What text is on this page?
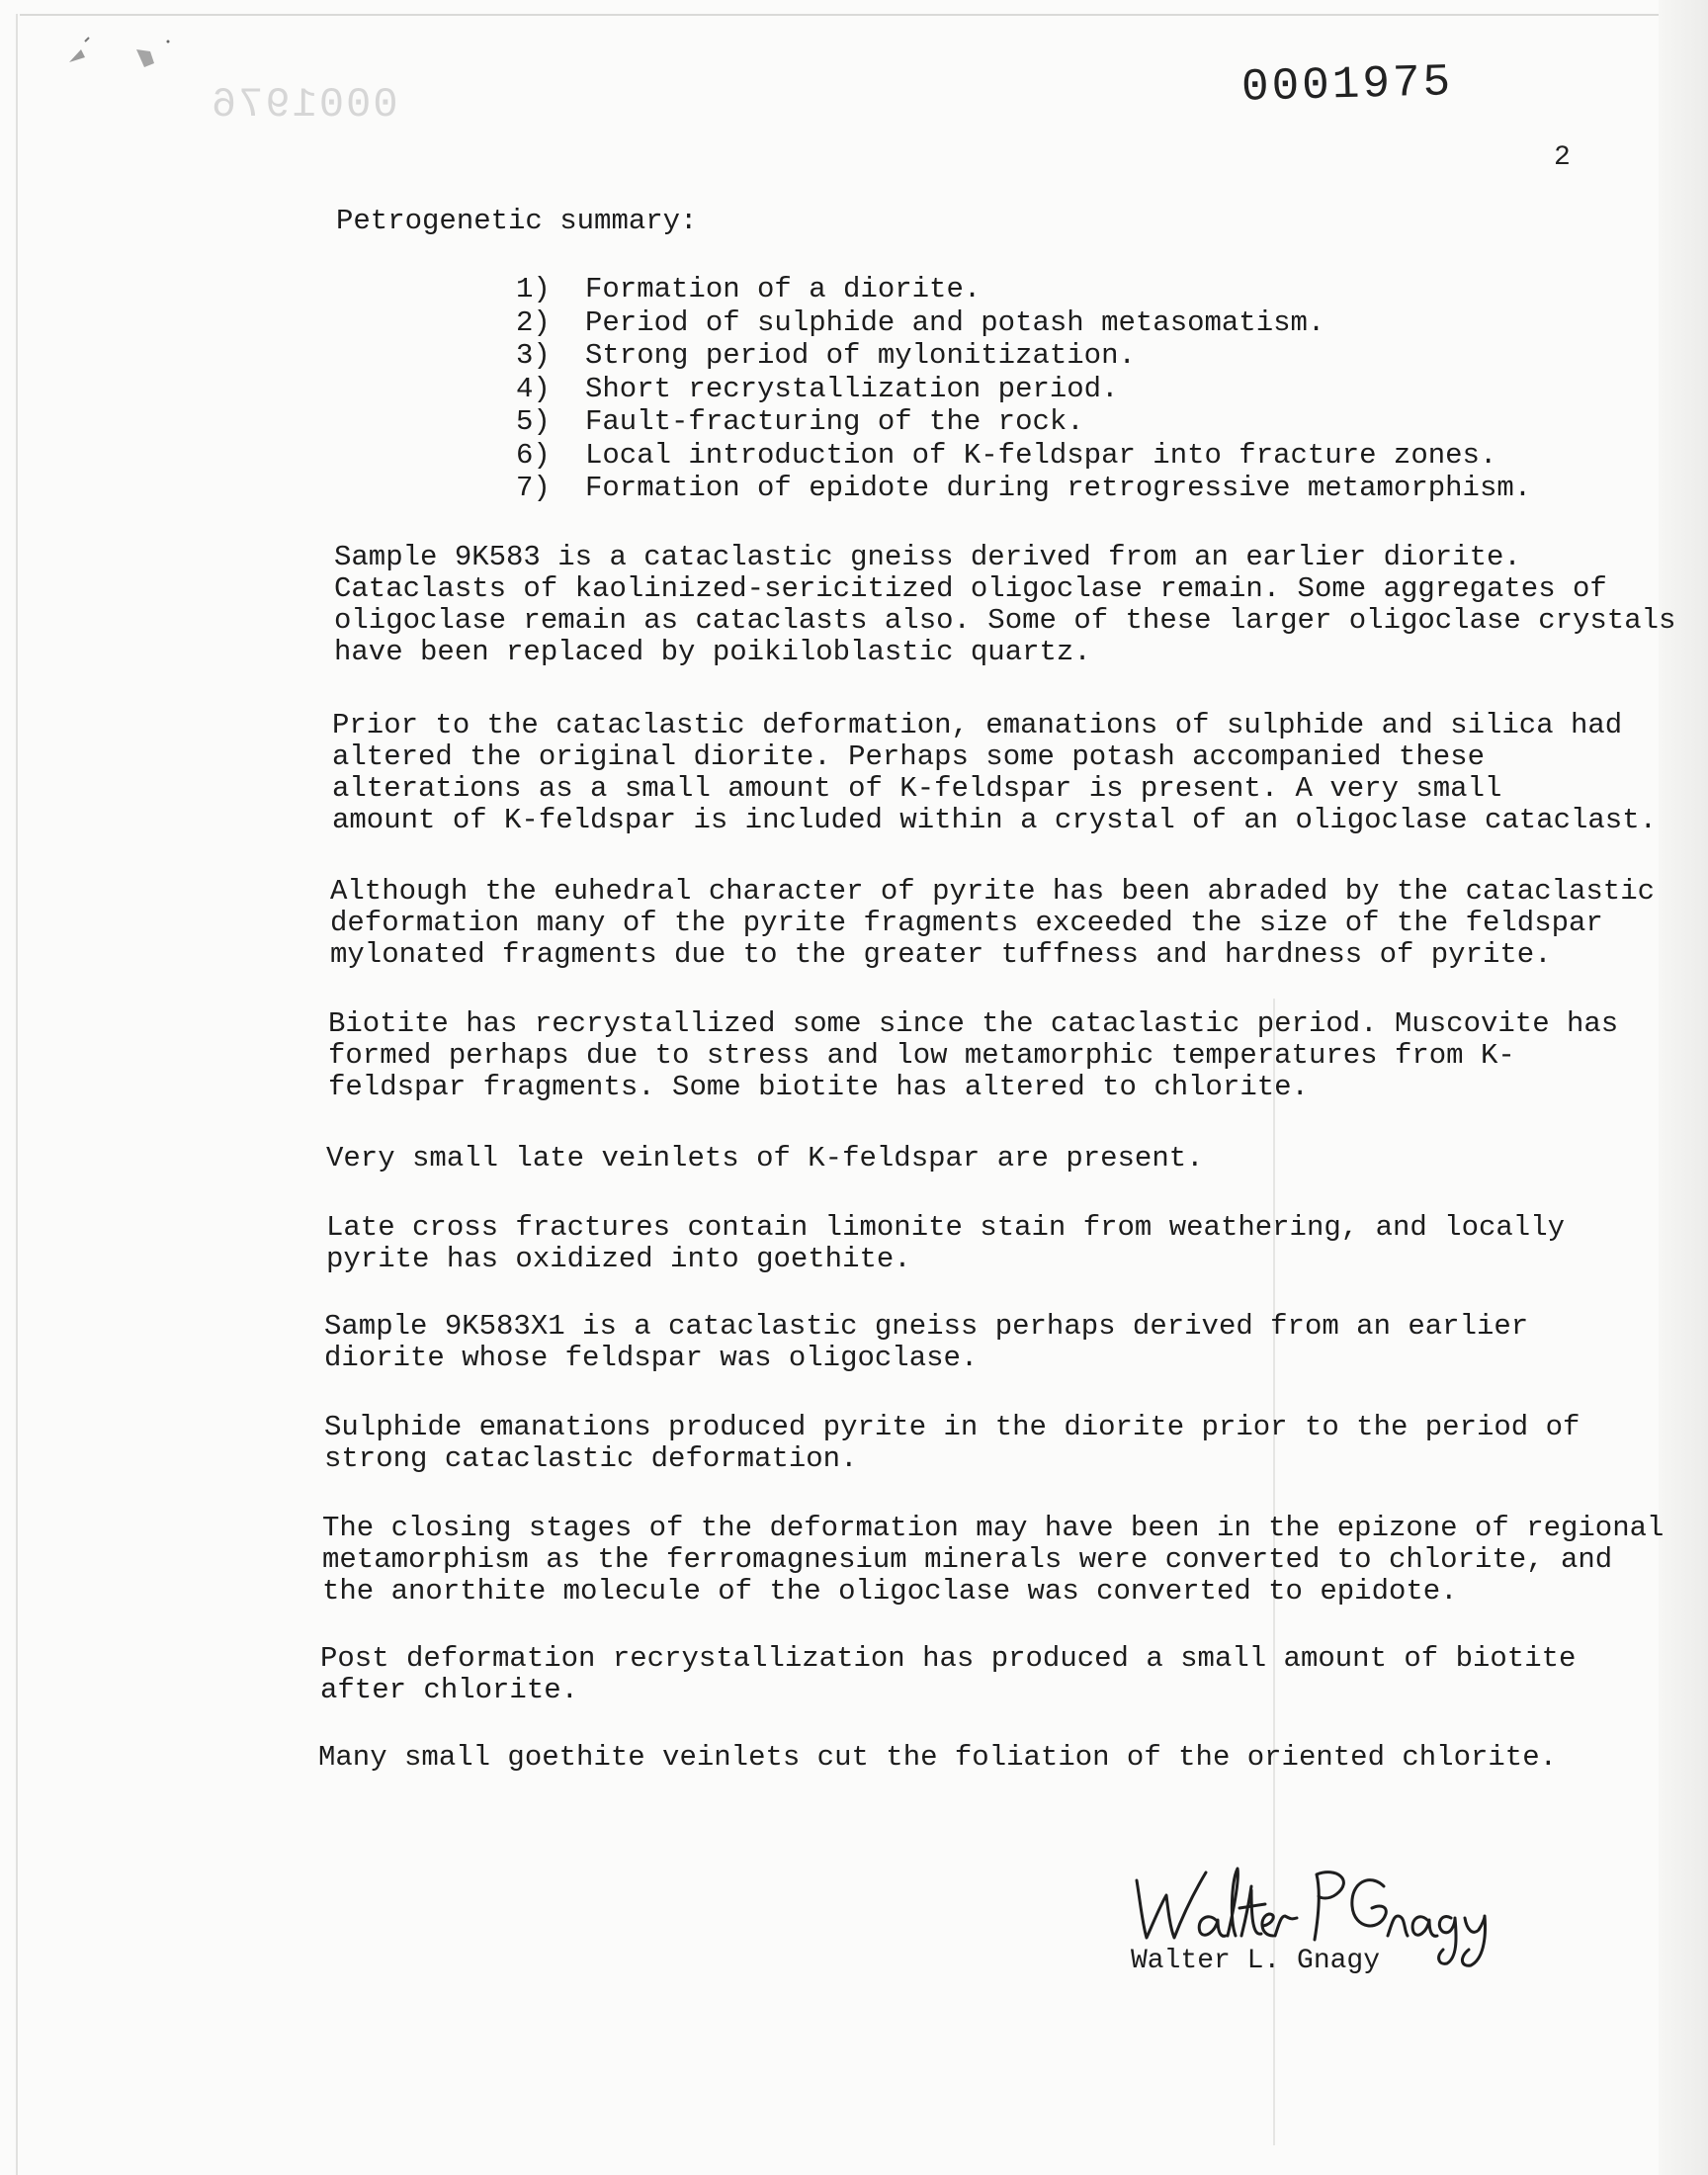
0001976	0001975
2
Petrogenetic summary:
1) Formation of a diorite.
2) Period of sulphide and potash metasomatism.
3) Strong period of mylonitization.
4) Short recrystallization period.
5) Fault-fracturing of the rock.
6) Local introduction of K-feldspar into fracture zones.
7) Formation of epidote during retrogressive metamorphism.

Sample 9K583 is a cataclastic gneiss derived from an earlier diorite.

Cataclasts of kaolinized-sericitized oligoclase remain. Some aggregates of

oligoclase remain as cataclasts also. Some of these larger oligoclase crystals

have been replaced by poikiloblastic quartz.

Prior to the cataclastic deformation, emanations of sulphide and silica had

altered the original diorite. Perhaps some potash accompanied these

alterations as a small amount of K-feldspar is present. A very small

amount of K-feldspar is included within a crystal of an oligoclase cataclast.

Although the euhedral character of pyrite has been abraded by the cataclastic

deformation many of the pyrite fragments exceeded the size of the feldspar

mylonated fragments due to the greater tuffness and hardness of pyrite.

Biotite has recrystallized some since the cataclastic period. Muscovite has

formed perhaps due to stress and low metamorphic temperatures from K-

feldspar fragments. Some biotite has altered to chlorite.

Very small late veinlets of K-feldspar are present.

Late cross fractures contain limonite stain from weathering, and locally

pyrite has oxidized into goethite.

Sample 9K583X1 is a cataclastic gneiss perhaps derived from an earlier

diorite whose feldspar was oligoclase.

Sulphide emanations produced pyrite in the diorite prior to the period of

strong cataclastic deformation.

The closing stages of the deformation may have been in the epizone of regional

metamorphism as the ferromagnesium minerals were converted to chlorite, and

the anorthite molecule of the oligoclase was converted to epidote.

Post deformation recrystallization has produced a small amount of biotite

after chlorite.

Many small goethite veinlets cut the foliation of the oriented chlorite.

Walter L. Gnagy
